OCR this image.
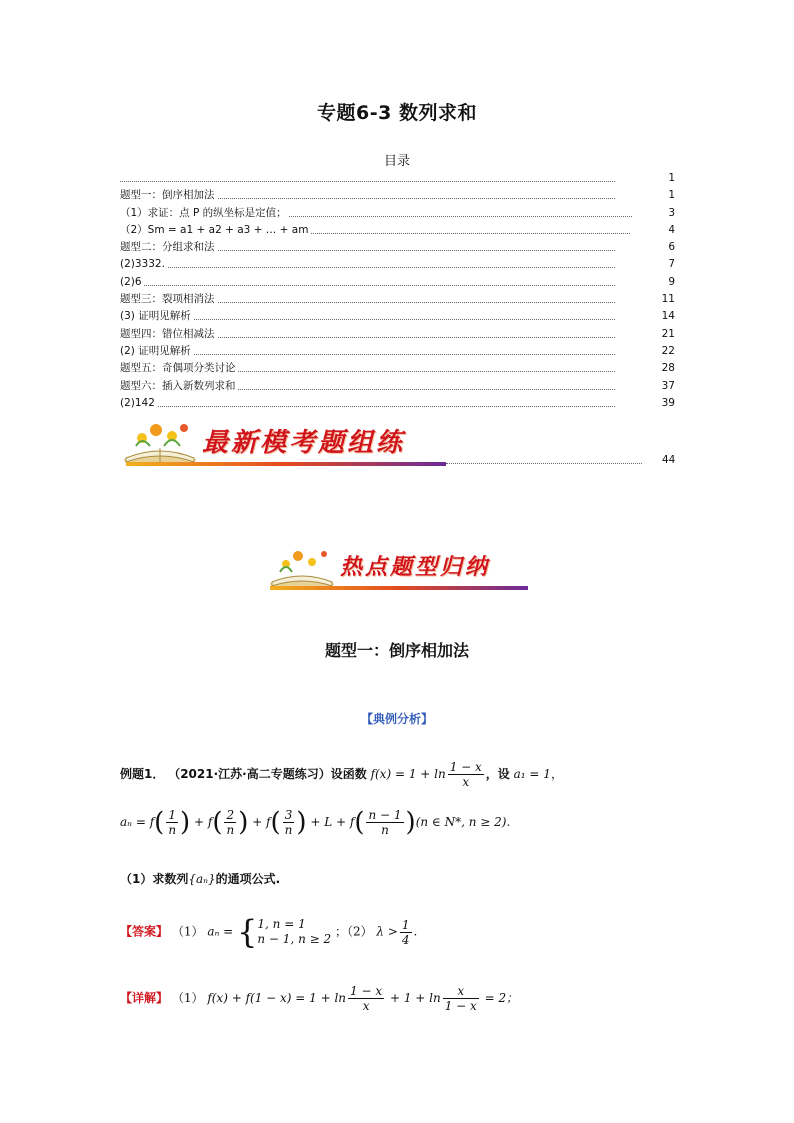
专题6-3 数列求和
目录
1
题型一：倒序相加法	1
（1）求证：点 P 的纵坐标是定值；	3
（2）Sm = a1 + a2 + a3 + … + am	4
题型二：分组求和法	6
(2)3332.	7
(2)6	9
题型三：裂项相消法	11
(3) 证明见解析	14
题型四：错位相减法	21
(2) 证明见解析	22
题型五：奇偶项分类讨论	28
题型六：插入新数列求和	37
(2)142	39
最新模考题组练
44
热点题型归纳
题型一：倒序相加法
【典例分析】
例题1． （2021·江苏·高二专题练习）设函数 $f(x) = 1 + \ln \frac{1 - x}{x}$ ，设 a₁ = 1，
$a_n = f( \frac{1}{n}$ ) + $f( \frac{2}{n}$ ) + $f( \frac{3}{n}$ ) + $L + f( \frac{n - 1}{n} )(n$ ∈ N*, n ≥ 2).
（1）求数列{aₙ}的通项公式.
【答案】 （1） aₙ = { 1, n = 1
n − 1, n ≥ 2
；（2） $\lambda > \frac{1}{4}$ .
【详解】 （1） $f(x) + f(1 - x) = 1 + \ln \frac{1 - x}{x} + 1 + \ln \frac{x}{1 - x} = 2$；
